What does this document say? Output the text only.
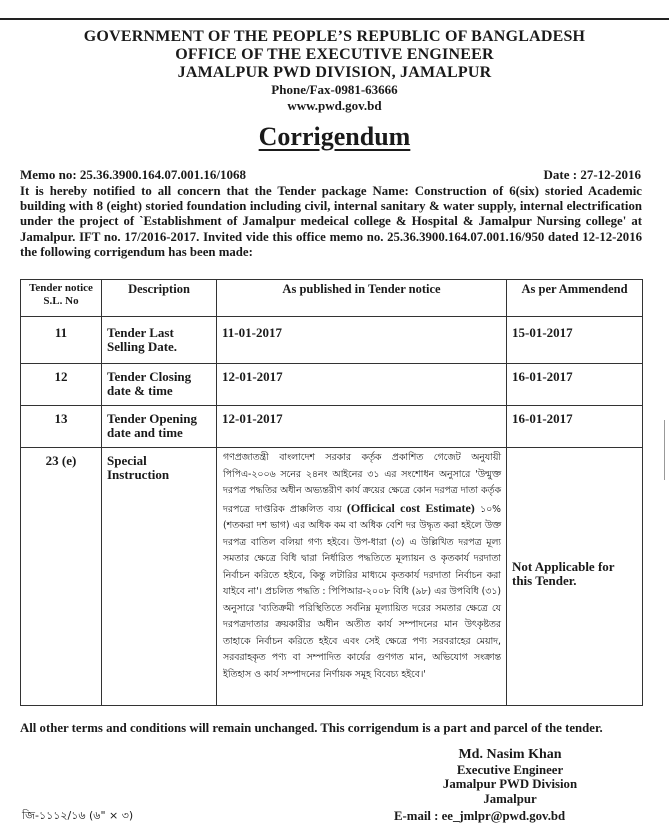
GOVERNMENT OF THE PEOPLE’S REPUBLIC OF BANGLADESH
OFFICE OF THE EXECUTIVE ENGINEER
JAMALPUR PWD DIVISION, JAMALPUR
Phone/Fax-0981-63666
www.pwd.gov.bd
Corrigendum
Memo no: 25.36.3900.164.07.001.16/1068	Date : 27-12-2016
It is hereby notified to all concern that the Tender package Name: Construction of 6(six) storied Academic building with 8 (eight) storied foundation including civil, internal sanitary & water supply, internal electrification under the project of `Establishment of Jamalpur medeical college & Hospital & Jamalpur Nursing college' at Jamalpur. IFT no. 17/2016-2017. Invited vide this office memo no. 25.36.3900.164.07.001.16/950 dated 12-12-2016 the following corrigendum has been made:
Tender notice S.L. No	Description	As published in Tender notice	As per Ammendend
11	Tender Last Selling Date.	11-01-2017	15-01-2017
12	Tender Closing date & time	12-01-2017	16-01-2017
13	Tender Opening date and time	12-01-2017	16-01-2017
23 (e)	Special Instruction	গণপ্রজাতন্ত্রী বাংলাদেশ সরকার কর্তৃক প্রকাশিত গেজেট অনুযায়ী পিপিএ-২০০৬ সনের ২৪নং আইনের ৩১ এর সংশোধন অনুসারে 'উন্মুক্ত দরপত্র পদ্ধতির অধীন অভ্যন্তরীণ কার্য ক্রয়ের ক্ষেত্রে কোন দরপত্র দাতা কর্তৃক দরপত্রে দাপ্তরিক প্রাক্কলিত ব্যয় (Officical cost Estimate) ১০% (শতকরা দশ ভাগ) এর অধিক কম বা অধিক বেশি দর উদ্ধৃত করা হইলে উক্ত দরপত্র বাতিল বলিয়া গণ্য হইবে। উপ-ধারা (৩) এ উল্লিখিত দরপত্র মূল্য সমতার ক্ষেত্রে বিধি দ্বারা নির্ধারিত পদ্ধতিতে মূল্যায়ন ও কৃতকার্য দরদাতা নির্বাচন করিতে হইবে, কিন্তু লটারির মাধ্যমে কৃতকার্য দরদাতা নির্বাচন করা যাইবে না'। প্রচলিত পদ্ধতি : পিপিআর-২০০৮ বিধি (৯৮) এর উপবিধি (৩১) অনুসারে 'ব্যতিক্রমী পরিস্থিতিতে সর্বনিম্ন মূল্যায়িত দরের সমতার ক্ষেত্রে যে দরপত্রদাতার ক্রয়কারীর অধীন অতীত কার্য সম্পাদনের মান উৎকৃষ্টতর তাহাকে নির্বাচন করিতে হইবে এবং সেই ক্ষেত্রে পণ্য সরবরাহের মেয়াদ, সরবরাহকৃত পণ্য বা সম্পাদিত কার্যের গুণগত মান, অভিযোগ সংক্রান্ত ইতিহাস ও কার্য সম্পাদনের নির্ণায়ক সমূহ বিবেচ্য হইবে।'	Not Applicable for this Tender.
All other terms and conditions will remain unchanged. This corrigendum is a part and parcel of the tender.
Md. Nasim Khan
Executive Engineer
Jamalpur PWD Division
Jamalpur
E-mail : ee_jmlpr@pwd.gov.bd
জি-১১১২/১৬ (৬" × ৩)
